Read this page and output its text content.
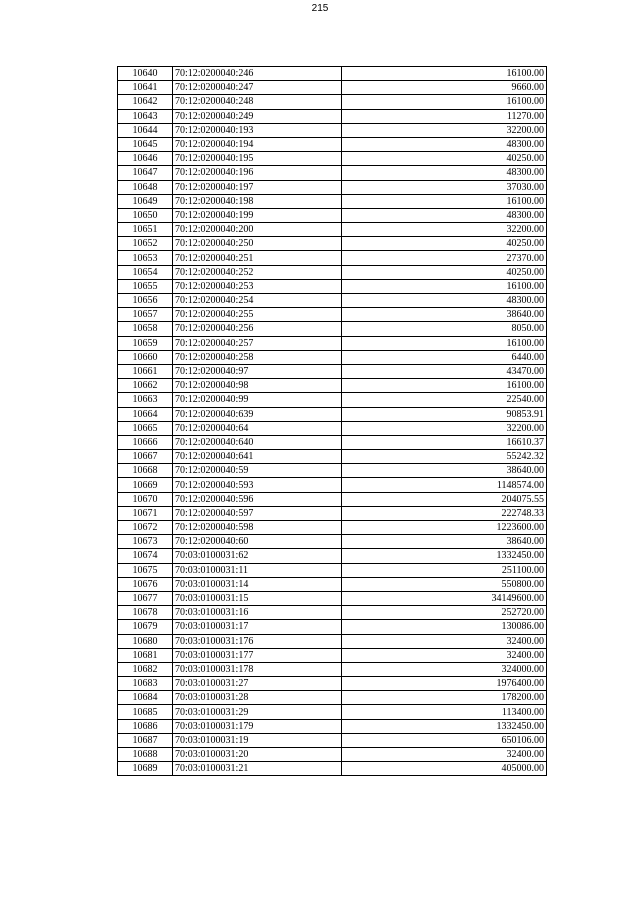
215
10640	70:12:0200040:246	16100.00
10641	70:12:0200040:247	9660.00
10642	70:12:0200040:248	16100.00
10643	70:12:0200040:249	11270.00
10644	70:12:0200040:193	32200.00
10645	70:12:0200040:194	48300.00
10646	70:12:0200040:195	40250.00
10647	70:12:0200040:196	48300.00
10648	70:12:0200040:197	37030.00
10649	70:12:0200040:198	16100.00
10650	70:12:0200040:199	48300.00
10651	70:12:0200040:200	32200.00
10652	70:12:0200040:250	40250.00
10653	70:12:0200040:251	27370.00
10654	70:12:0200040:252	40250.00
10655	70:12:0200040:253	16100.00
10656	70:12:0200040:254	48300.00
10657	70:12:0200040:255	38640.00
10658	70:12:0200040:256	8050.00
10659	70:12:0200040:257	16100.00
10660	70:12:0200040:258	6440.00
10661	70:12:0200040:97	43470.00
10662	70:12:0200040:98	16100.00
10663	70:12:0200040:99	22540.00
10664	70:12:0200040:639	90853.91
10665	70:12:0200040:64	32200.00
10666	70:12:0200040:640	16610.37
10667	70:12:0200040:641	55242.32
10668	70:12:0200040:59	38640.00
10669	70:12:0200040:593	1148574.00
10670	70:12:0200040:596	204075.55
10671	70:12:0200040:597	222748.33
10672	70:12:0200040:598	1223600.00
10673	70:12:0200040:60	38640.00
10674	70:03:0100031:62	1332450.00
10675	70:03:0100031:11	251100.00
10676	70:03:0100031:14	550800.00
10677	70:03:0100031:15	34149600.00
10678	70:03:0100031:16	252720.00
10679	70:03:0100031:17	130086.00
10680	70:03:0100031:176	32400.00
10681	70:03:0100031:177	32400.00
10682	70:03:0100031:178	324000.00
10683	70:03:0100031:27	1976400.00
10684	70:03:0100031:28	178200.00
10685	70:03:0100031:29	113400.00
10686	70:03:0100031:179	1332450.00
10687	70:03:0100031:19	650106.00
10688	70:03:0100031:20	32400.00
10689	70:03:0100031:21	405000.00
